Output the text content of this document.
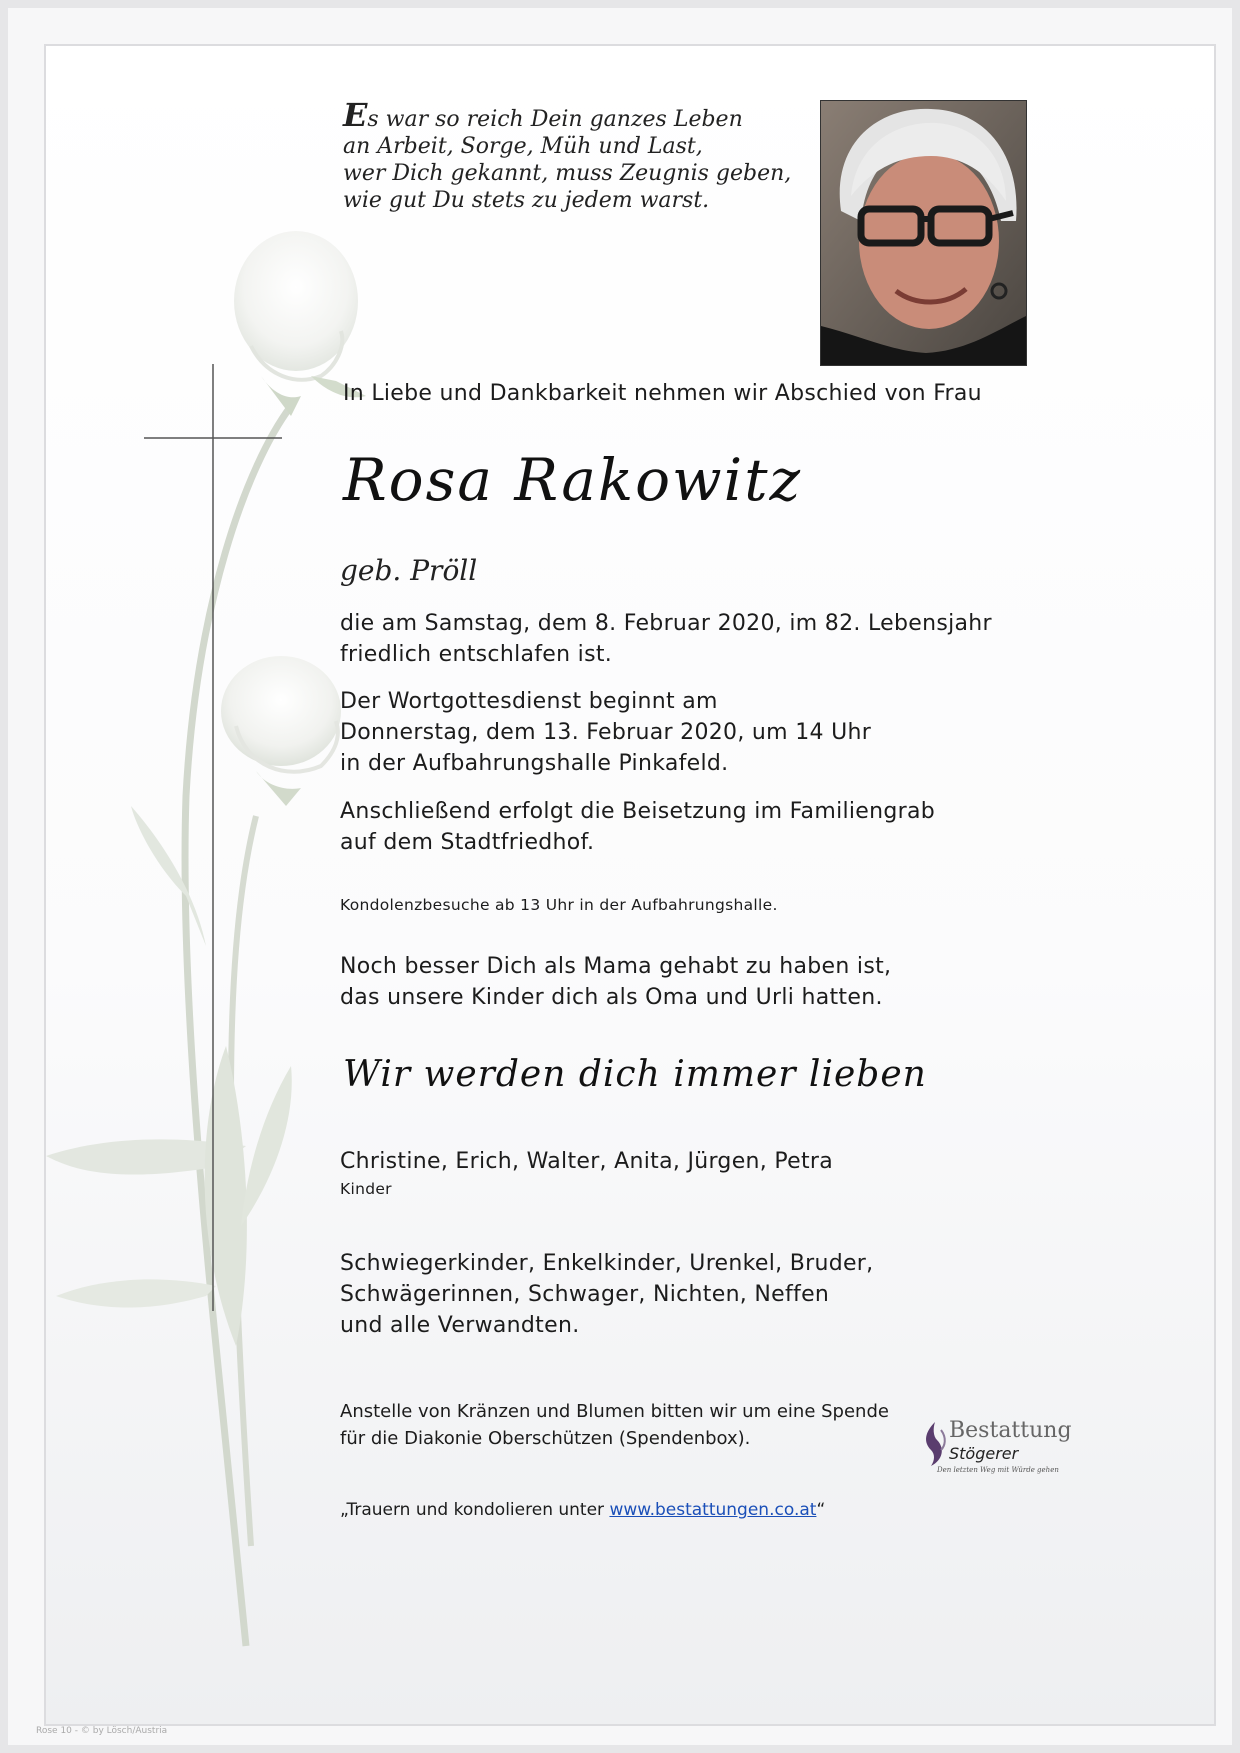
Es war so reich Dein ganzes Leben
an Arbeit, Sorge, Müh und Last,
wer Dich gekannt, muss Zeugnis geben,
wie gut Du stets zu jedem warst.
In Liebe und Dankbarkeit nehmen wir Abschied von Frau
Rosa Rakowitz
geb. Pröll
die am Samstag, dem 8. Februar 2020, im 82. Lebensjahr
friedlich entschlafen ist.
Der Wortgottesdienst beginnt am
Donnerstag, dem 13. Februar 2020, um 14 Uhr
in der Aufbahrungshalle Pinkafeld.
Anschließend erfolgt die Beisetzung im Familiengrab
auf dem Stadtfriedhof.
Kondolenzbesuche ab 13 Uhr in der Aufbahrungshalle.
Noch besser Dich als Mama gehabt zu haben ist,
das unsere Kinder dich als Oma und Urli hatten.
Wir werden dich immer lieben
Christine, Erich, Walter, Anita, Jürgen, Petra
Kinder
Schwiegerkinder, Enkelkinder, Urenkel, Bruder,
Schwägerinnen, Schwager, Nichten, Neffen
und alle Verwandten.
Anstelle von Kränzen und Blumen bitten wir um eine Spende
für die Diakonie Oberschützen (Spendenbox).
„Trauern und kondolieren unter www.bestattungen.co.at“
Bestattung
Stögerer
Den letzten Weg mit Würde gehen
Rose 10 - © by Lösch/Austria
